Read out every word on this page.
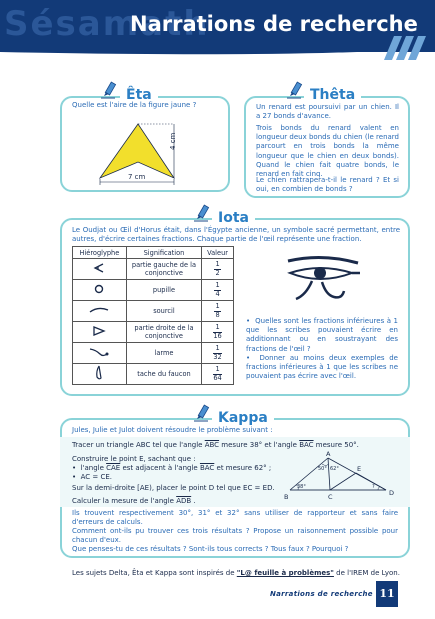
Sésamath
Narrations de recherche
Êta
Quelle est l'aire de la figure jaune ?
4 cm
7 cm
Thêta
Un renard est poursuivi par un chien. Il a 27 bonds d'avance.
Trois bonds du renard valent en longueur deux bonds du chien (le renard parcourt en trois bonds la même longueur que le chien en deux bonds). Quand le chien fait quatre bonds, le renard en fait cinq.
Le chien rattrapera-t-il le renard ? Et si oui, en combien de bonds ?
Iota
Le Oudjat ou Œil d'Horus était, dans l'Égypte ancienne, un symbole sacré permettant, entre autres, d'écrire certaines fractions. Chaque partie de l'œil représente une fraction.
Hiéroglyphe	Signification	Valeur
	partie gauche de la conjonctive	$\frac{1}{2}$

	pupille	$\frac{1}{4}$

	sourcil	$\frac{1}{8}$

	partie droite de la conjonctive	$\frac{1}{16}$

	larme	$\frac{1}{32}$

	tache du faucon	$\frac{1}{64}$
•  Quelles sont les fractions inférieures à 1 que les scribes pouvaient écrire en additionnant ou en soustrayant des fractions de l'œil ?
•  Donner au moins deux exemples de fractions inférieures à 1 que les scribes ne pouvaient pas écrire avec l'œil.
Kappa
Jules, Julie et Julot doivent résoudre le problème suivant :
Tracer un triangle ABC tel que l'angle $\overline{ABC}$ mesure 38° et l'angle $\overline{BAC}$ mesure 50°.
Construire le point E, sachant que :
•  l'angle $\overline{CAE}$ est adjacent à l'angle $\overline{BAC}$ et mesure 62° ;
•  AC = CE.
Sur la demi-droite [AE), placer le point D tel que EC = ED.
Calculer la mesure de l'angle $\overline{ADB}$ .
A
B	C	D
E
50° 62°
38°	?
Ils trouvent respectivement 30°, 31° et 32° sans utiliser de rapporteur et sans faire d'erreurs de calculs.
Comment ont-ils pu trouver ces trois résultats ? Propose un raisonnement possible pour chacun d'eux.
Que penses-tu de ces résultats ? Sont-ils tous corrects ? Tous faux ? Pourquoi ?
Les sujets Delta, Êta et Kappa sont inspirés de "L@ feuille à problèmes" de l'IREM de Lyon.
Narrations de recherche 11
